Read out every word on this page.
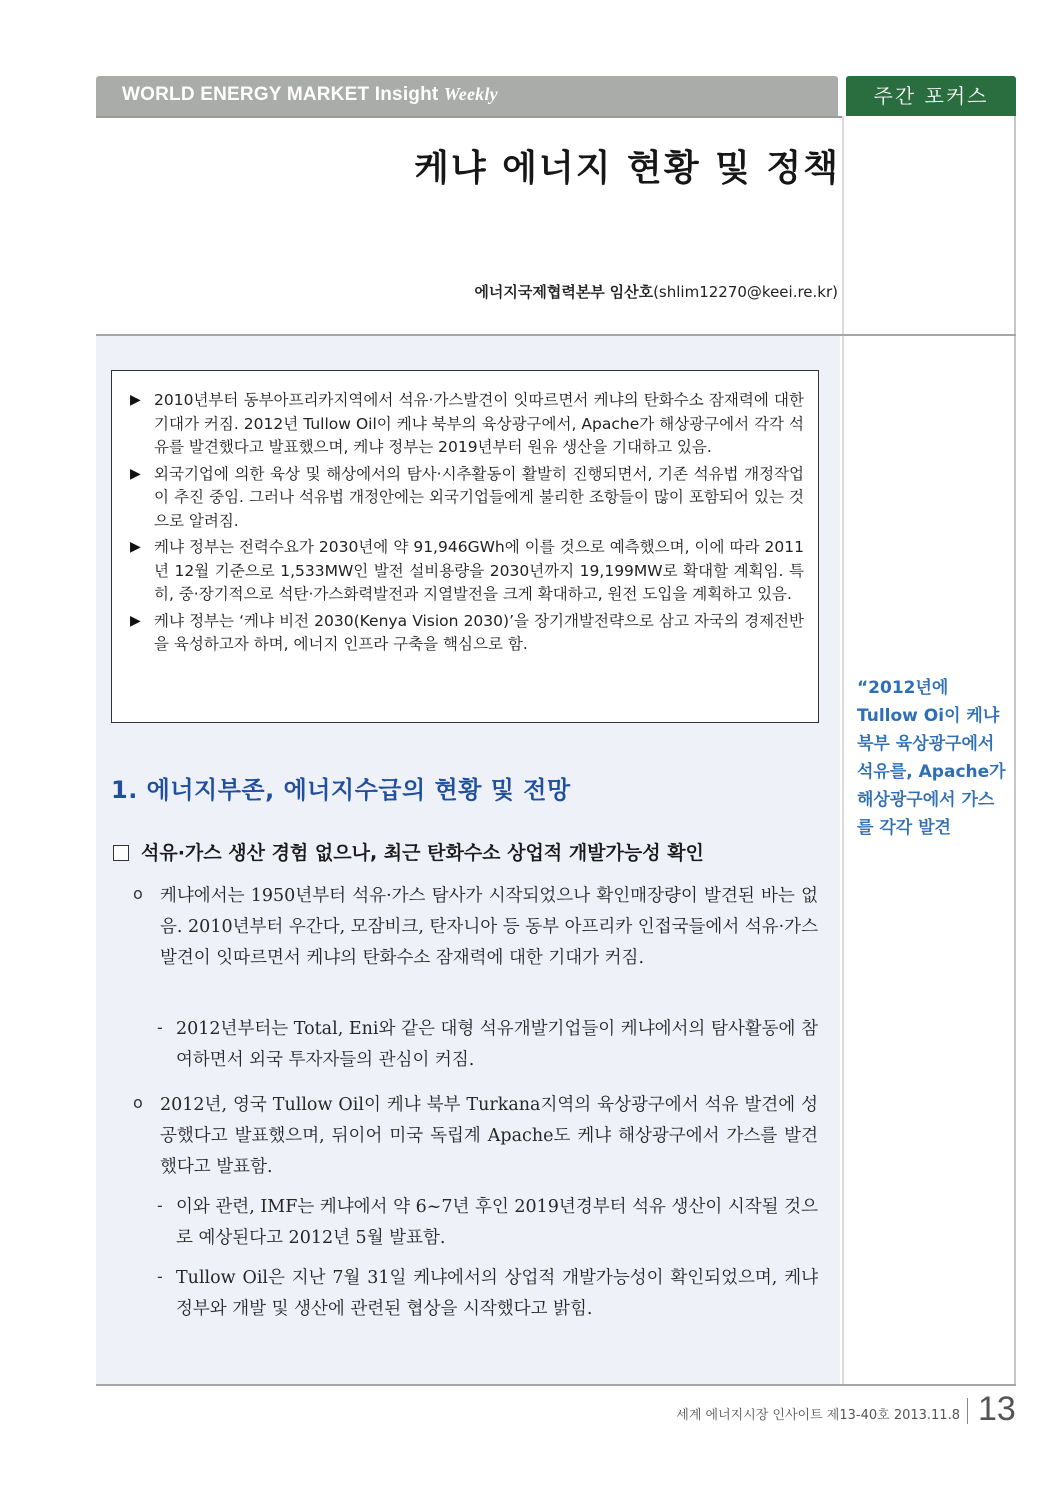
WORLD ENERGY MARKET Insight Weekly	주간 포커스
케냐 에너지 현황 및 정책
에너지국제협력본부 임산호(shlim12270@keei.re.kr)
▶ 2010년부터 동부아프리카지역에서 석유·가스발견이 잇따르면서 케냐의 탄화수소 잠재력에 대한 기대가 커짐. 2012년 Tullow Oil이 케냐 북부의 육상광구에서, Apache가 해상광구에서 각각 석유를 발견했다고 발표했으며, 케냐 정부는 2019년부터 원유 생산을 기대하고 있음.
▶ 외국기업에 의한 육상 및 해상에서의 탐사·시추활동이 활발히 진행되면서, 기존 석유법 개정작업이 추진 중임. 그러나 석유법 개정안에는 외국기업들에게 불리한 조항들이 많이 포함되어 있는 것으로 알려짐.
▶ 케냐 정부는 전력수요가 2030년에 약 91,946GWh에 이를 것으로 예측했으며, 이에 따라 2011년 12월 기준으로 1,533MW인 발전 설비용량을 2030년까지 19,199MW로 확대할 계획임. 특히, 중·장기적으로 석탄·가스화력발전과 지열발전을 크게 확대하고, 원전 도입을 계획하고 있음.
▶ 케냐 정부는 ‘케냐 비전 2030(Kenya Vision 2030)’을 장기개발전략으로 삼고 자국의 경제전반을 육성하고자 하며, 에너지 인프라 구축을 핵심으로 함.
1. 에너지부존, 에너지수급의 현황 및 전망
석유·가스 생산 경험 없으나, 최근 탄화수소 상업적 개발가능성 확인
o 케냐에서는 1950년부터 석유·가스 탐사가 시작되었으나 확인매장량이 발견된 바는 없음. 2010년부터 우간다, 모잠비크, 탄자니아 등 동부 아프리카 인접국들에서 석유·가스 발견이 잇따르면서 케냐의 탄화수소 잠재력에 대한 기대가 커짐.
- 2012년부터는 Total, Eni와 같은 대형 석유개발기업들이 케냐에서의 탐사활동에 참여하면서 외국 투자자들의 관심이 커짐.
o 2012년, 영국 Tullow Oil이 케냐 북부 Turkana지역의 육상광구에서 석유 발견에 성공했다고 발표했으며, 뒤이어 미국 독립계 Apache도 케냐 해상광구에서 가스를 발견했다고 발표함.
- 이와 관련, IMF는 케냐에서 약 6~7년 후인 2019년경부터 석유 생산이 시작될 것으로 예상된다고 2012년 5월 발표함.
- Tullow Oil은 지난 7월 31일 케냐에서의 상업적 개발가능성이 확인되었으며, 케냐 정부와 개발 및 생산에 관련된 협상을 시작했다고 밝힘.
“2012년에 Tullow Oi이 케냐 북부 육상광구에서 석유를, Apache가 해상광구에서 가스를 각각 발견
세계 에너지시장 인사이트 제13-40호 2013.11.8 13
